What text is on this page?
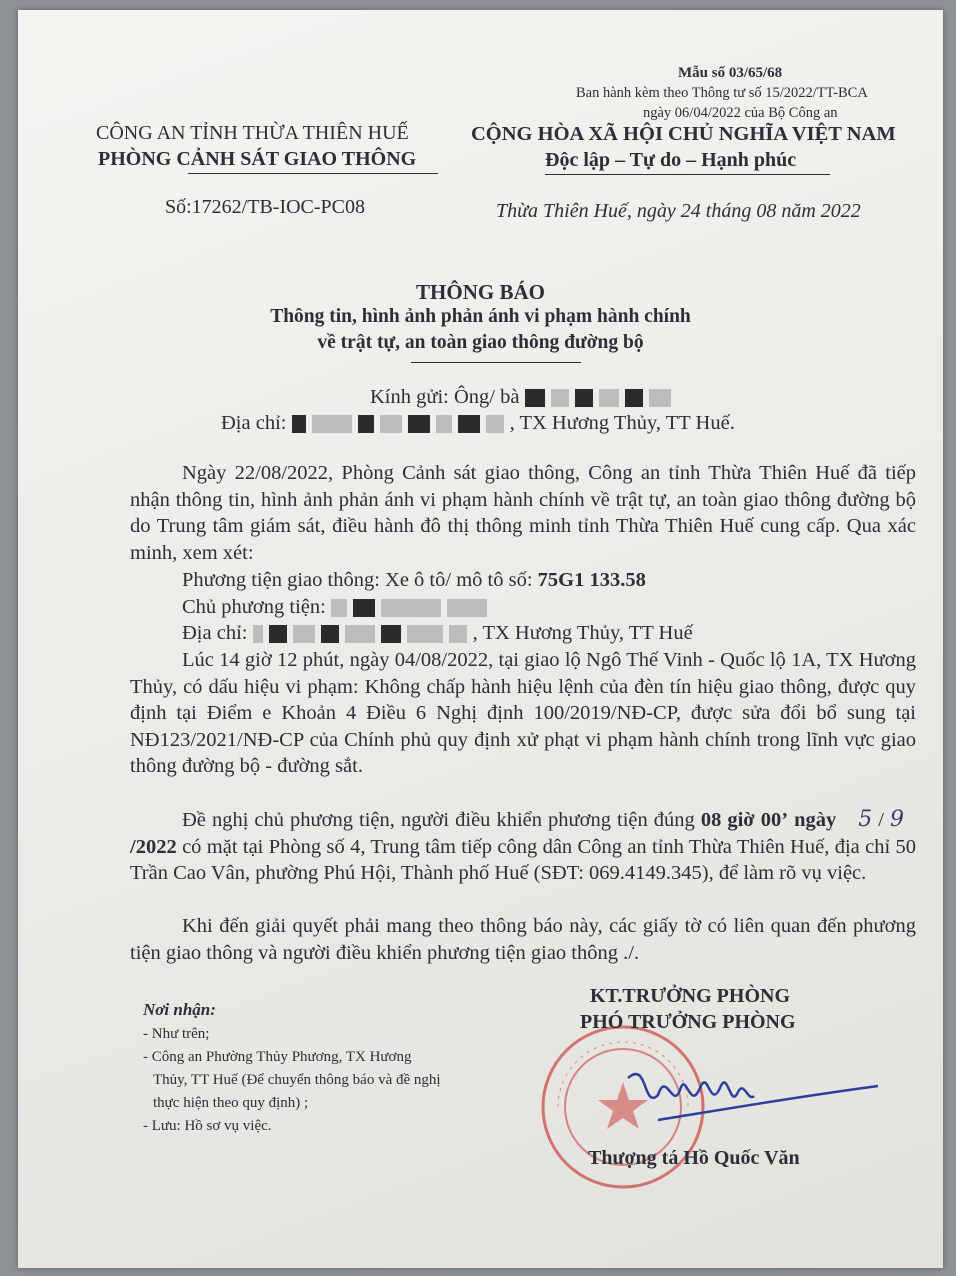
Mẫu số 03/65/68
Ban hành kèm theo Thông tư số 15/2022/TT-BCA
ngày 06/04/2022 của Bộ Công an
CÔNG AN TỈNH THỪA THIÊN HUẾ
PHÒNG CẢNH SÁT GIAO THÔNG
Số:17262/TB-IOC-PC08
CỘNG HÒA XÃ HỘI CHỦ NGHĨA VIỆT NAM
Độc lập – Tự do – Hạnh phúc
Thừa Thiên Huế, ngày 24 tháng 08 năm 2022
THÔNG BÁO
Thông tin, hình ảnh phản ánh vi phạm hành chính
về trật tự, an toàn giao thông đường bộ
Kính gửi: Ông/ bà
Địa chỉ:	, TX Hương Thủy, TT Huế.
Ngày 22/08/2022, Phòng Cảnh sát giao thông, Công an tỉnh Thừa Thiên Huế đã tiếp nhận thông tin, hình ảnh phản ánh vi phạm hành chính về trật tự, an toàn giao thông đường bộ do Trung tâm giám sát, điều hành đô thị thông minh tỉnh Thừa Thiên Huế cung cấp. Qua xác minh, xem xét:
Phương tiện giao thông: Xe ô tô/ mô tô số: 75G1 133.58
Chủ phương tiện:
Địa chỉ:	, TX Hương Thủy, TT Huế
Lúc 14 giờ 12 phút, ngày 04/08/2022, tại giao lộ Ngô Thế Vinh - Quốc lộ 1A, TX Hương Thủy, có dấu hiệu vi phạm: Không chấp hành hiệu lệnh của đèn tín hiệu giao thông, được quy định tại Điểm e Khoản 4 Điều 6 Nghị định 100/2019/NĐ-CP, được sửa đổi bổ sung tại NĐ123/2021/NĐ-CP của Chính phủ quy định xử phạt vi phạm hành chính trong lĩnh vực giao thông đường bộ - đường sắt.
Đề nghị chủ phương tiện, người điều khiển phương tiện đúng 08 giờ 00’ ngày 5 / 9/2022 có mặt tại Phòng số 4, Trung tâm tiếp công dân Công an tỉnh Thừa Thiên Huế, địa chỉ 50 Trần Cao Vân, phường Phú Hội, Thành phố Huế (SĐT: 069.4149.345), để làm rõ vụ việc.
Khi đến giải quyết phải mang theo thông báo này, các giấy tờ có liên quan đến phương tiện giao thông và người điều khiển phương tiện giao thông ./.
Nơi nhận:
- Như trên;
- Công an Phường Thủy Phương, TX Hương
Thủy, TT Huế (Để chuyển thông báo và đề nghị
thực hiện theo quy định) ;
- Lưu: Hồ sơ vụ việc.
KT.TRƯỞNG PHÒNG
PHÓ TRƯỞNG PHÒNG
Thượng tá Hồ Quốc Văn
